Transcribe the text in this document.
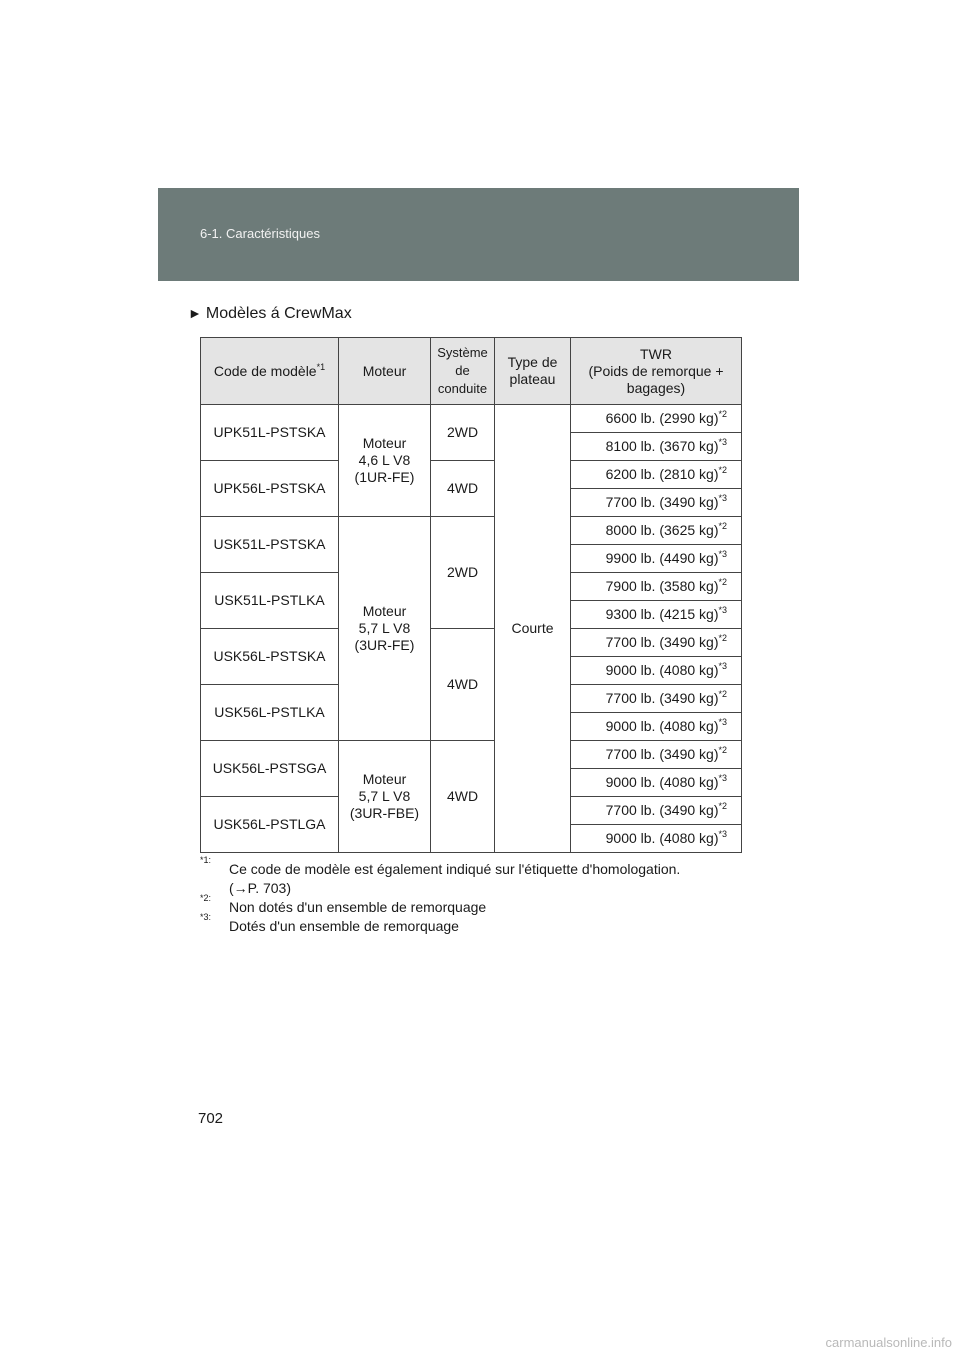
6-1. Caractéristiques
► Modèles á CrewMax
Code de modèle$^{*1}$	Moteur	Système
de
conduite	Type de
plateau	TWR
(Poids de remorque +
bagages)
UPK51L-PSTSKA	Moteur
4,6 L V8
(1UR-FE)	2WD	Courte	6600 lb. (2990 kg)$^{*2}$
				8100 lb. (3670 kg)$^{*3}$
UPK56L-PSTSKA		4WD		6200 lb. (2810 kg)$^{*2}$
				7700 lb. (3490 kg)$^{*3}$
USK51L-PSTSKA	Moteur
5,7 L V8
(3UR-FE)	2WD		8000 lb. (3625 kg)$^{*2}$
				9900 lb. (4490 kg)$^{*3}$
USK51L-PSTLKA				7900 lb. (3580 kg)$^{*2}$
				9300 lb. (4215 kg)$^{*3}$
USK56L-PSTSKA		4WD		7700 lb. (3490 kg)$^{*2}$
				9000 lb. (4080 kg)$^{*3}$
USK56L-PSTLKA				7700 lb. (3490 kg)$^{*2}$
				9000 lb. (4080 kg)$^{*3}$
USK56L-PSTSGA	Moteur
5,7 L V8
(3UR-FBE)	4WD		7700 lb. (3490 kg)$^{*2}$
				9000 lb. (4080 kg)$^{*3}$
USK56L-PSTLGA				7700 lb. (3490 kg)$^{*2}$
				9000 lb. (4080 kg)$^{*3}$
*1:
Ce code de modèle est également indiqué sur l'étiquette d'homologation.
(→P. 703)
*2:
Non dotés d'un ensemble de remorquage
*3:
Dotés d'un ensemble de remorquage
702
carmanualsonline.info
